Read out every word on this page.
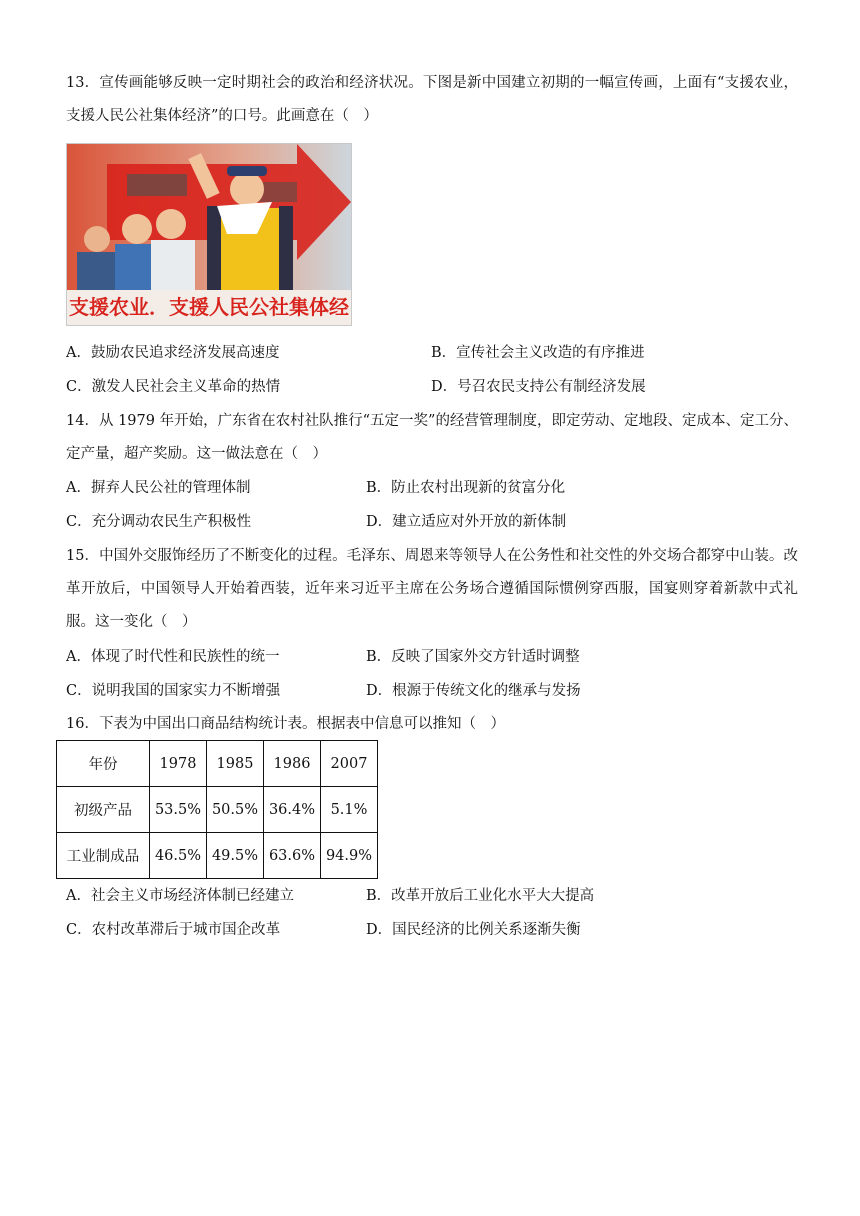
13．宣传画能够反映一定时期社会的政治和经济状况。下图是新中国建立初期的一幅宣传画，上面有“支援农业，支援人民公社集体经济”的口号。此画意在（　）

支援农业．支援人民公社集体经
A．鼓励农民追求经济发展高速度	B．宣传社会主义改造的有序推进
C．激发人民社会主义革命的热情	D．号召农民支持公有制经济发展

14．从 1979 年开始，广东省在农村社队推行“五定一奖”的经营管理制度，即定劳动、定地段、定成本、定工分、定产量，超产奖励。这一做法意在（　）

A．摒弃人民公社的管理体制	B．防止农村出现新的贫富分化
C．充分调动农民生产积极性	D．建立适应对外开放的新体制

15．中国外交服饰经历了不断变化的过程。毛泽东、周恩来等领导人在公务性和社交性的外交场合都穿中山装。改革开放后，中国领导人开始着西装，近年来习近平主席在公务场合遵循国际惯例穿西服，国宴则穿着新款中式礼服。这一变化（　）

A．体现了时代性和民族性的统一	B．反映了国家外交方针适时调整
C．说明我国的国家实力不断增强	D．根源于传统文化的继承与发扬
16．下表为中国出口商品结构统计表。根据表中信息可以推知（　）
年份	1978	1985	1986	2007
初级产品	53.5%	50.5%	36.4%	5.1%
工业制成品	46.5%	49.5%	63.6%	94.9%
A．社会主义市场经济体制已经建立	B．改革开放后工业化水平大大提高
C．农村改革滞后于城市国企改革	D．国民经济的比例关系逐渐失衡
